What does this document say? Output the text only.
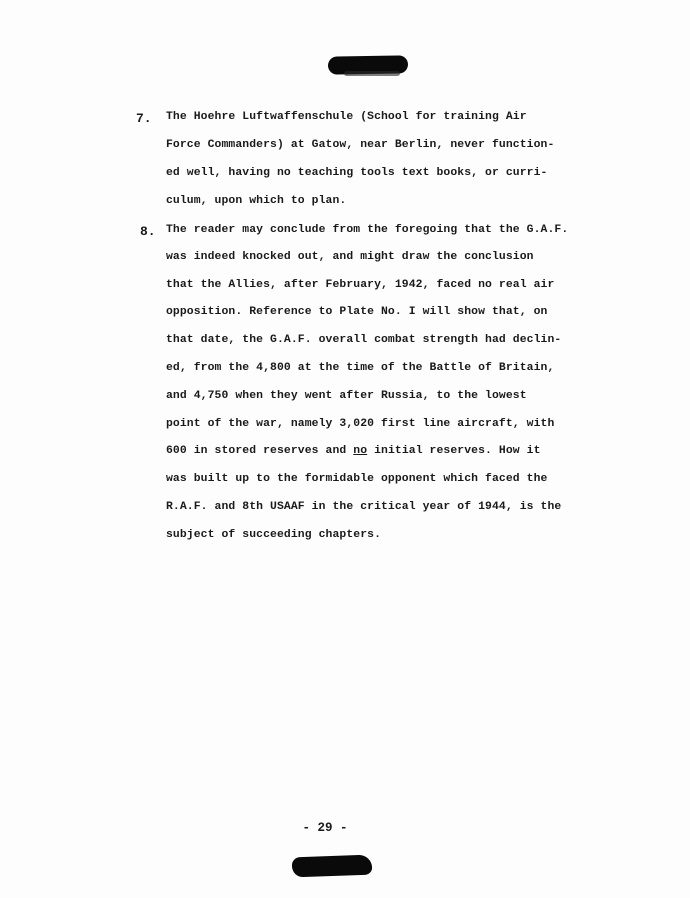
7. The Hoehre Luftwaffenschule (School for training Air
Force Commanders) at Gatow, near Berlin, never function-
ed well, having no teaching tools text books, or curri-
culum, upon which to plan.
8. The reader may conclude from the foregoing that the G.A.F.
was indeed knocked out, and might draw the conclusion
that the Allies, after February, 1942, faced no real air
opposition. Reference to Plate No. I will show that, on
that date, the G.A.F. overall combat strength had declin-
ed, from the 4,800 at the time of the Battle of Britain,
and 4,750 when they went after Russia, to the lowest
point of the war, namely 3,020 first line aircraft, with
600 in stored reserves and no initial reserves. How it
was built up to the formidable opponent which faced the
R.A.F. and 8th USAAF in the critical year of 1944, is the
subject of succeeding chapters.
- 29 -
